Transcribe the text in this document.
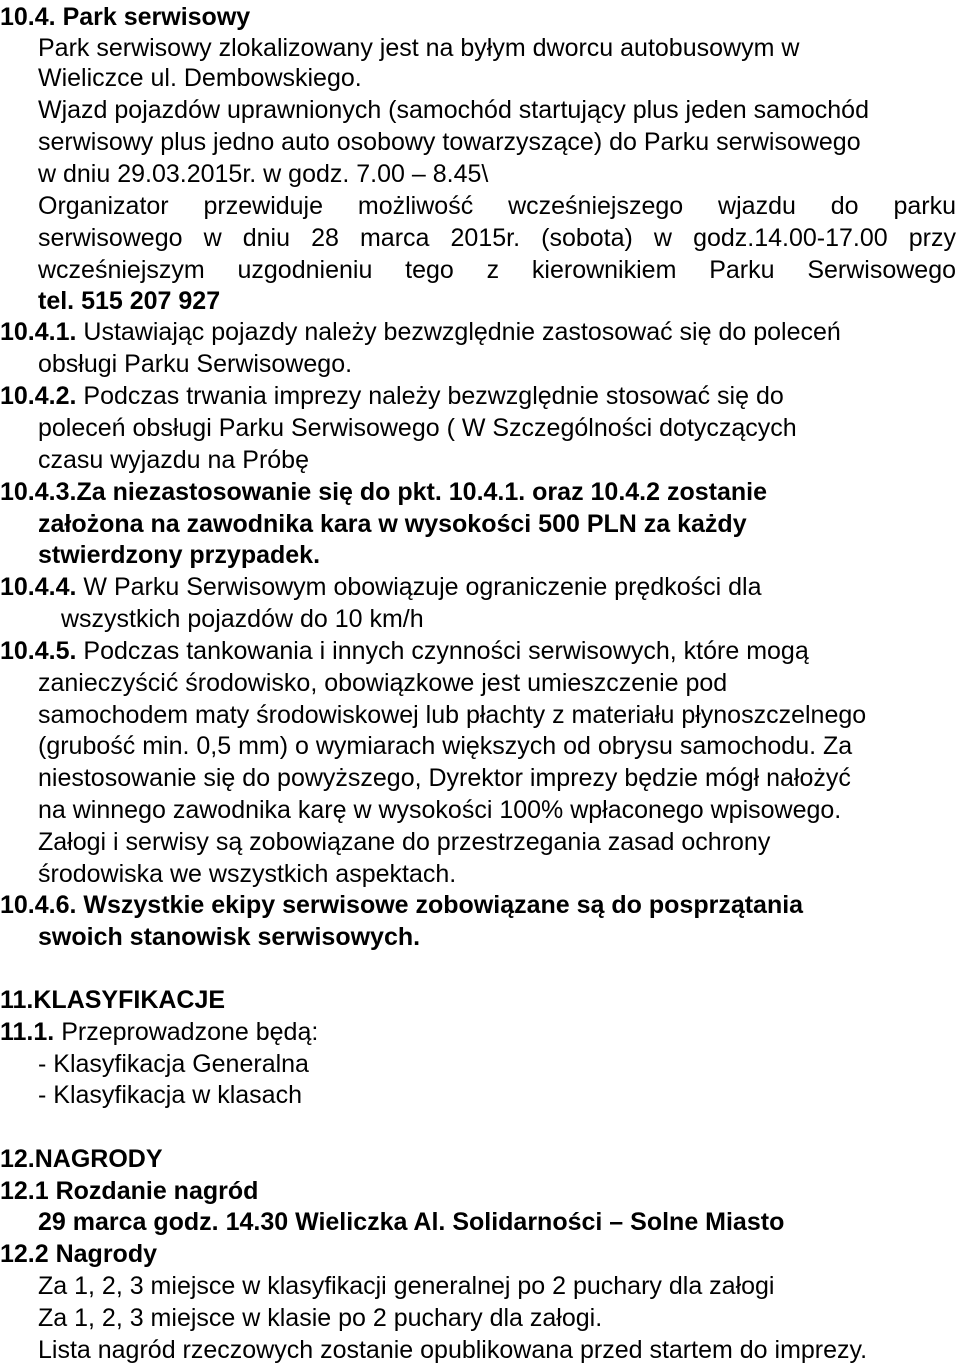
10.4. Park serwisowy
Park serwisowy zlokalizowany jest na byłym dworcu autobusowym w
Wieliczce ul. Dembowskiego.
Wjazd pojazdów uprawnionych (samochód startujący plus jeden samochód
serwisowy plus jedno auto osobowy towarzyszące) do Parku serwisowego
w dniu 29.03.2015r. w godz. 7.00 – 8.45\
Organizator przewiduje możliwość wcześniejszego wjazdu do parku
serwisowego w dniu 28 marca 2015r. (sobota) w godz.14.00-17.00 przy
wcześniejszym uzgodnieniu tego z kierownikiem Parku Serwisowego
tel. 515 207 927
10.4.1. Ustawiając pojazdy należy bezwzględnie zastosować się do poleceń
obsługi Parku Serwisowego.
10.4.2. Podczas trwania imprezy należy bezwzględnie stosować się do
poleceń obsługi Parku Serwisowego ( W Szczególności dotyczących
czasu wyjazdu na Próbę
10.4.3.Za niezastosowanie się do pkt. 10.4.1. oraz 10.4.2 zostanie
założona na zawodnika kara w wysokości 500 PLN za każdy
stwierdzony przypadek.
10.4.4. W Parku Serwisowym obowiązuje ograniczenie prędkości dla
wszystkich pojazdów do 10 km/h
10.4.5. Podczas tankowania i innych czynności serwisowych, które mogą
zanieczyścić środowisko, obowiązkowe jest umieszczenie pod
samochodem maty środowiskowej lub płachty z materiału płynoszczelnego
(grubość min. 0,5 mm) o wymiarach większych od obrysu samochodu. Za
niestosowanie się do powyższego, Dyrektor imprezy będzie mógł nałożyć
na winnego zawodnika karę w wysokości 100% wpłaconego wpisowego.
Załogi i serwisy są zobowiązane do przestrzegania zasad ochrony
środowiska we wszystkich aspektach.
10.4.6. Wszystkie ekipy serwisowe zobowiązane są do posprzątania
swoich stanowisk serwisowych.
11.KLASYFIKACJE
11.1. Przeprowadzone będą:
- Klasyfikacja Generalna
- Klasyfikacja w klasach
12.NAGRODY
12.1 Rozdanie nagród
29 marca godz. 14.30 Wieliczka Al. Solidarności – Solne Miasto
12.2 Nagrody
Za 1, 2, 3 miejsce w klasyfikacji generalnej po 2 puchary dla załogi
Za 1, 2, 3 miejsce w klasie po 2 puchary dla załogi.
Lista nagród rzeczowych zostanie opublikowana przed startem do imprezy.
